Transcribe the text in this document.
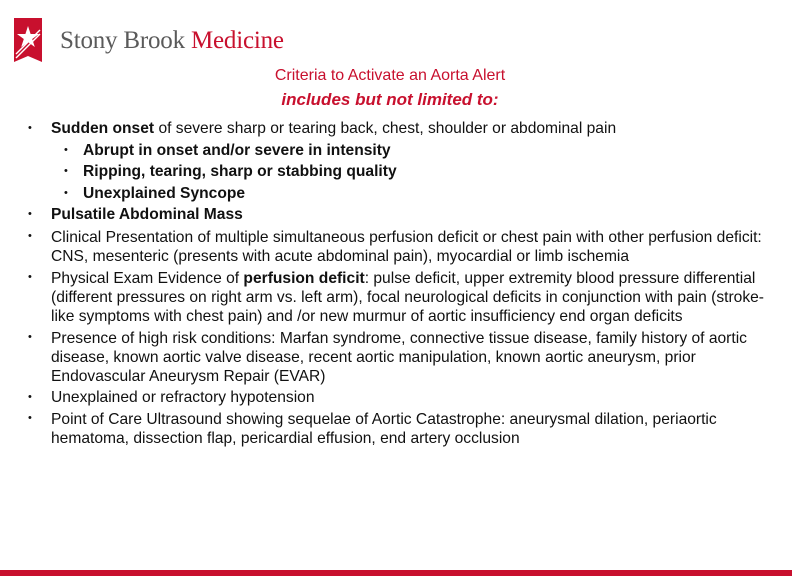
Stony Brook Medicine
Criteria to Activate an Aorta Alert
includes but not limited to:
• Sudden onset of severe sharp or tearing back, chest, shoulder or abdominal pain
• Abrupt in onset and/or severe in intensity
• Ripping, tearing, sharp or stabbing quality
• Unexplained Syncope
• Pulsatile Abdominal Mass
• Clinical Presentation of multiple simultaneous perfusion deficit or chest pain with other perfusion deficit: CNS, mesenteric (presents with acute abdominal pain), myocardial or limb ischemia
• Physical Exam Evidence of perfusion deficit: pulse deficit, upper extremity blood pressure differential (different pressures on right arm vs. left arm), focal neurological deficits in conjunction with pain (stroke-like symptoms with chest pain) and /or new murmur of aortic insufficiency end organ deficits
• Presence of high risk conditions: Marfan syndrome, connective tissue disease, family history of aortic disease, known aortic valve disease, recent aortic manipulation, known aortic aneurysm, prior Endovascular Aneurysm Repair (EVAR)
• Unexplained or refractory hypotension
• Point of Care Ultrasound showing sequelae of Aortic Catastrophe: aneurysmal dilation, periaortic hematoma, dissection flap, pericardial effusion, end artery occlusion
